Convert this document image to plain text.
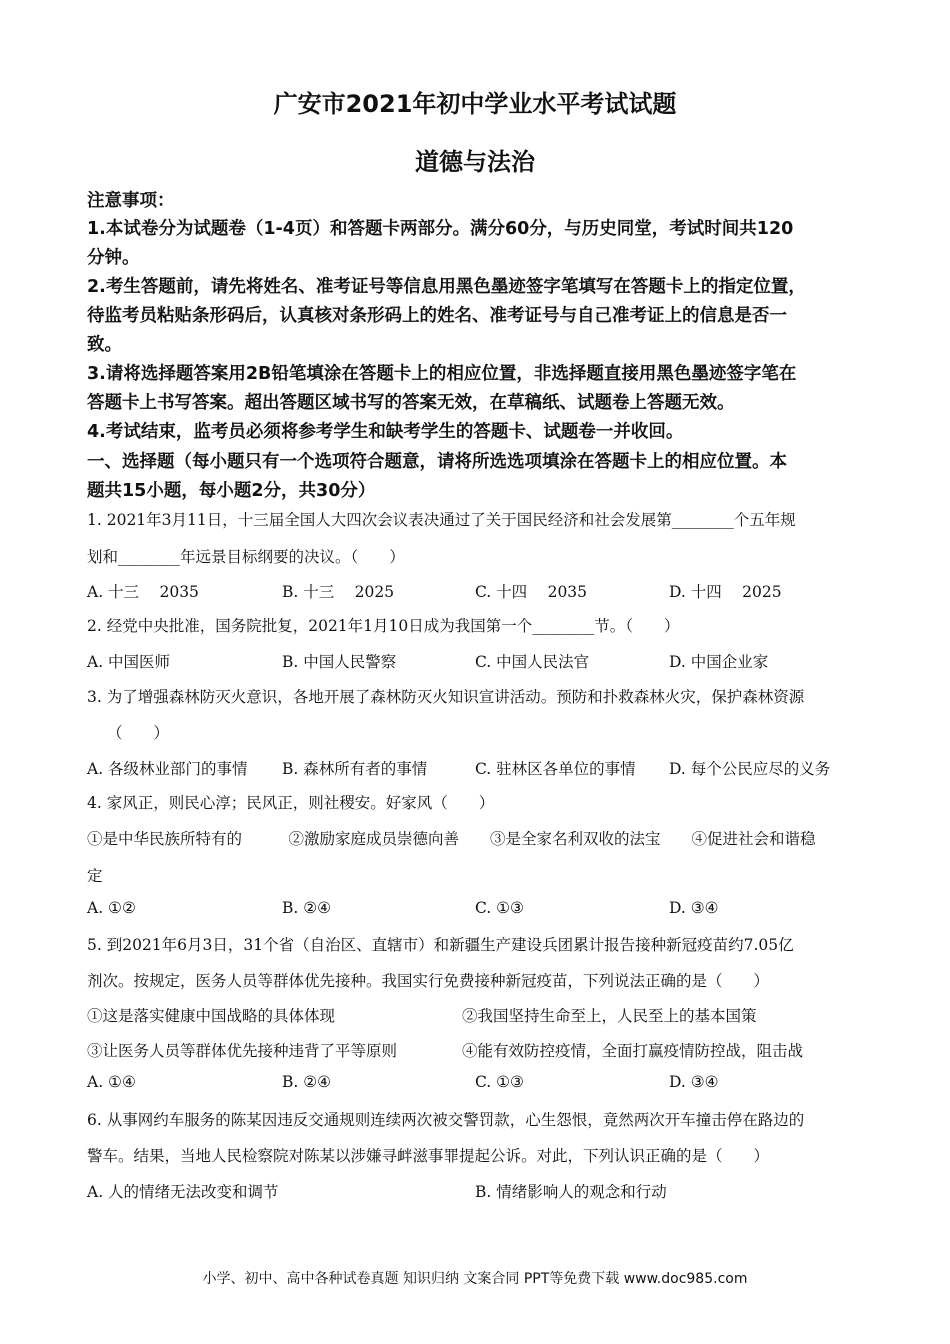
广安市2021年初中学业水平考试试题
道德与法治
注意事项：
1.本试卷分为试题卷（1-4页）和答题卡两部分。满分60分，与历史同堂，考试时间共120
分钟。
2.考生答题前，请先将姓名、准考证号等信息用黑色墨迹签字笔填写在答题卡上的指定位置，
待监考员粘贴条形码后，认真核对条形码上的姓名、准考证号与自己准考证上的信息是否一
致。
3.请将选择题答案用2B铅笔填涂在答题卡上的相应位置，非选择题直接用黑色墨迹签字笔在
答题卡上书写答案。超出答题区域书写的答案无效，在草稿纸、试题卷上答题无效。
4.考试结束，监考员必须将参考学生和缺考学生的答题卡、试题卷一并收回。
一、选择题（每小题只有一个选项符合题意，请将所选选项填涂在答题卡上的相应位置。本
题共15小题，每小题2分，共30分）
1. 2021年3月11日，十三届全国人大四次会议表决通过了关于国民经济和社会发展第________个五年规
划和________年远景目标纲要的决议。（　　）
A. 十三　 2035	B. 十三　 2025	C. 十四　 2035	D. 十四　 2025
2. 经党中央批准，国务院批复，2021年1月10日成为我国第一个________节。（　　）
A. 中国医师	B. 中国人民警察	C. 中国人民法官	D. 中国企业家
3. 为了增强森林防灭火意识，各地开展了森林防灭火知识宣讲活动。预防和扑救森林火灾，保护森林资源
（　　）
A. 各级林业部门的事情 B. 森林所有者的事情	C. 驻林区各单位的事情 D. 每个公民应尽的义务
4. 家风正，则民心淳；民风正，则社稷安。好家风（　　）
①是中华民族所特有的　　　②激励家庭成员崇德向善　　③是全家名利双收的法宝　　④促进社会和谐稳
定
A. ①②	B. ②④	C. ①③	D. ③④
5. 到2021年6月3日，31个省（自治区、直辖市）和新疆生产建设兵团累计报告接种新冠疫苗约7.05亿
剂次。按规定，医务人员等群体优先接种。我国实行免费接种新冠疫苗，下列说法正确的是（　　）
①这是落实健康中国战略的具体体现	②我国坚持生命至上，人民至上的基本国策
③让医务人员等群体优先接种违背了平等原则	④能有效防控疫情，全面打赢疫情防控战，阻击战
A. ①④	B. ②④	C. ①③	D. ③④
6. 从事网约车服务的陈某因违反交通规则连续两次被交警罚款，心生怨恨，竟然两次开车撞击停在路边的
警车。结果，当地人民检察院对陈某以涉嫌寻衅滋事罪提起公诉。对此，下列认识正确的是（　　）
A. 人的情绪无法改变和调节	B. 情绪影响人的观念和行动
小学、初中、高中各种试卷真题 知识归纳 文案合同 PPT等免费下载 www.doc985.com
